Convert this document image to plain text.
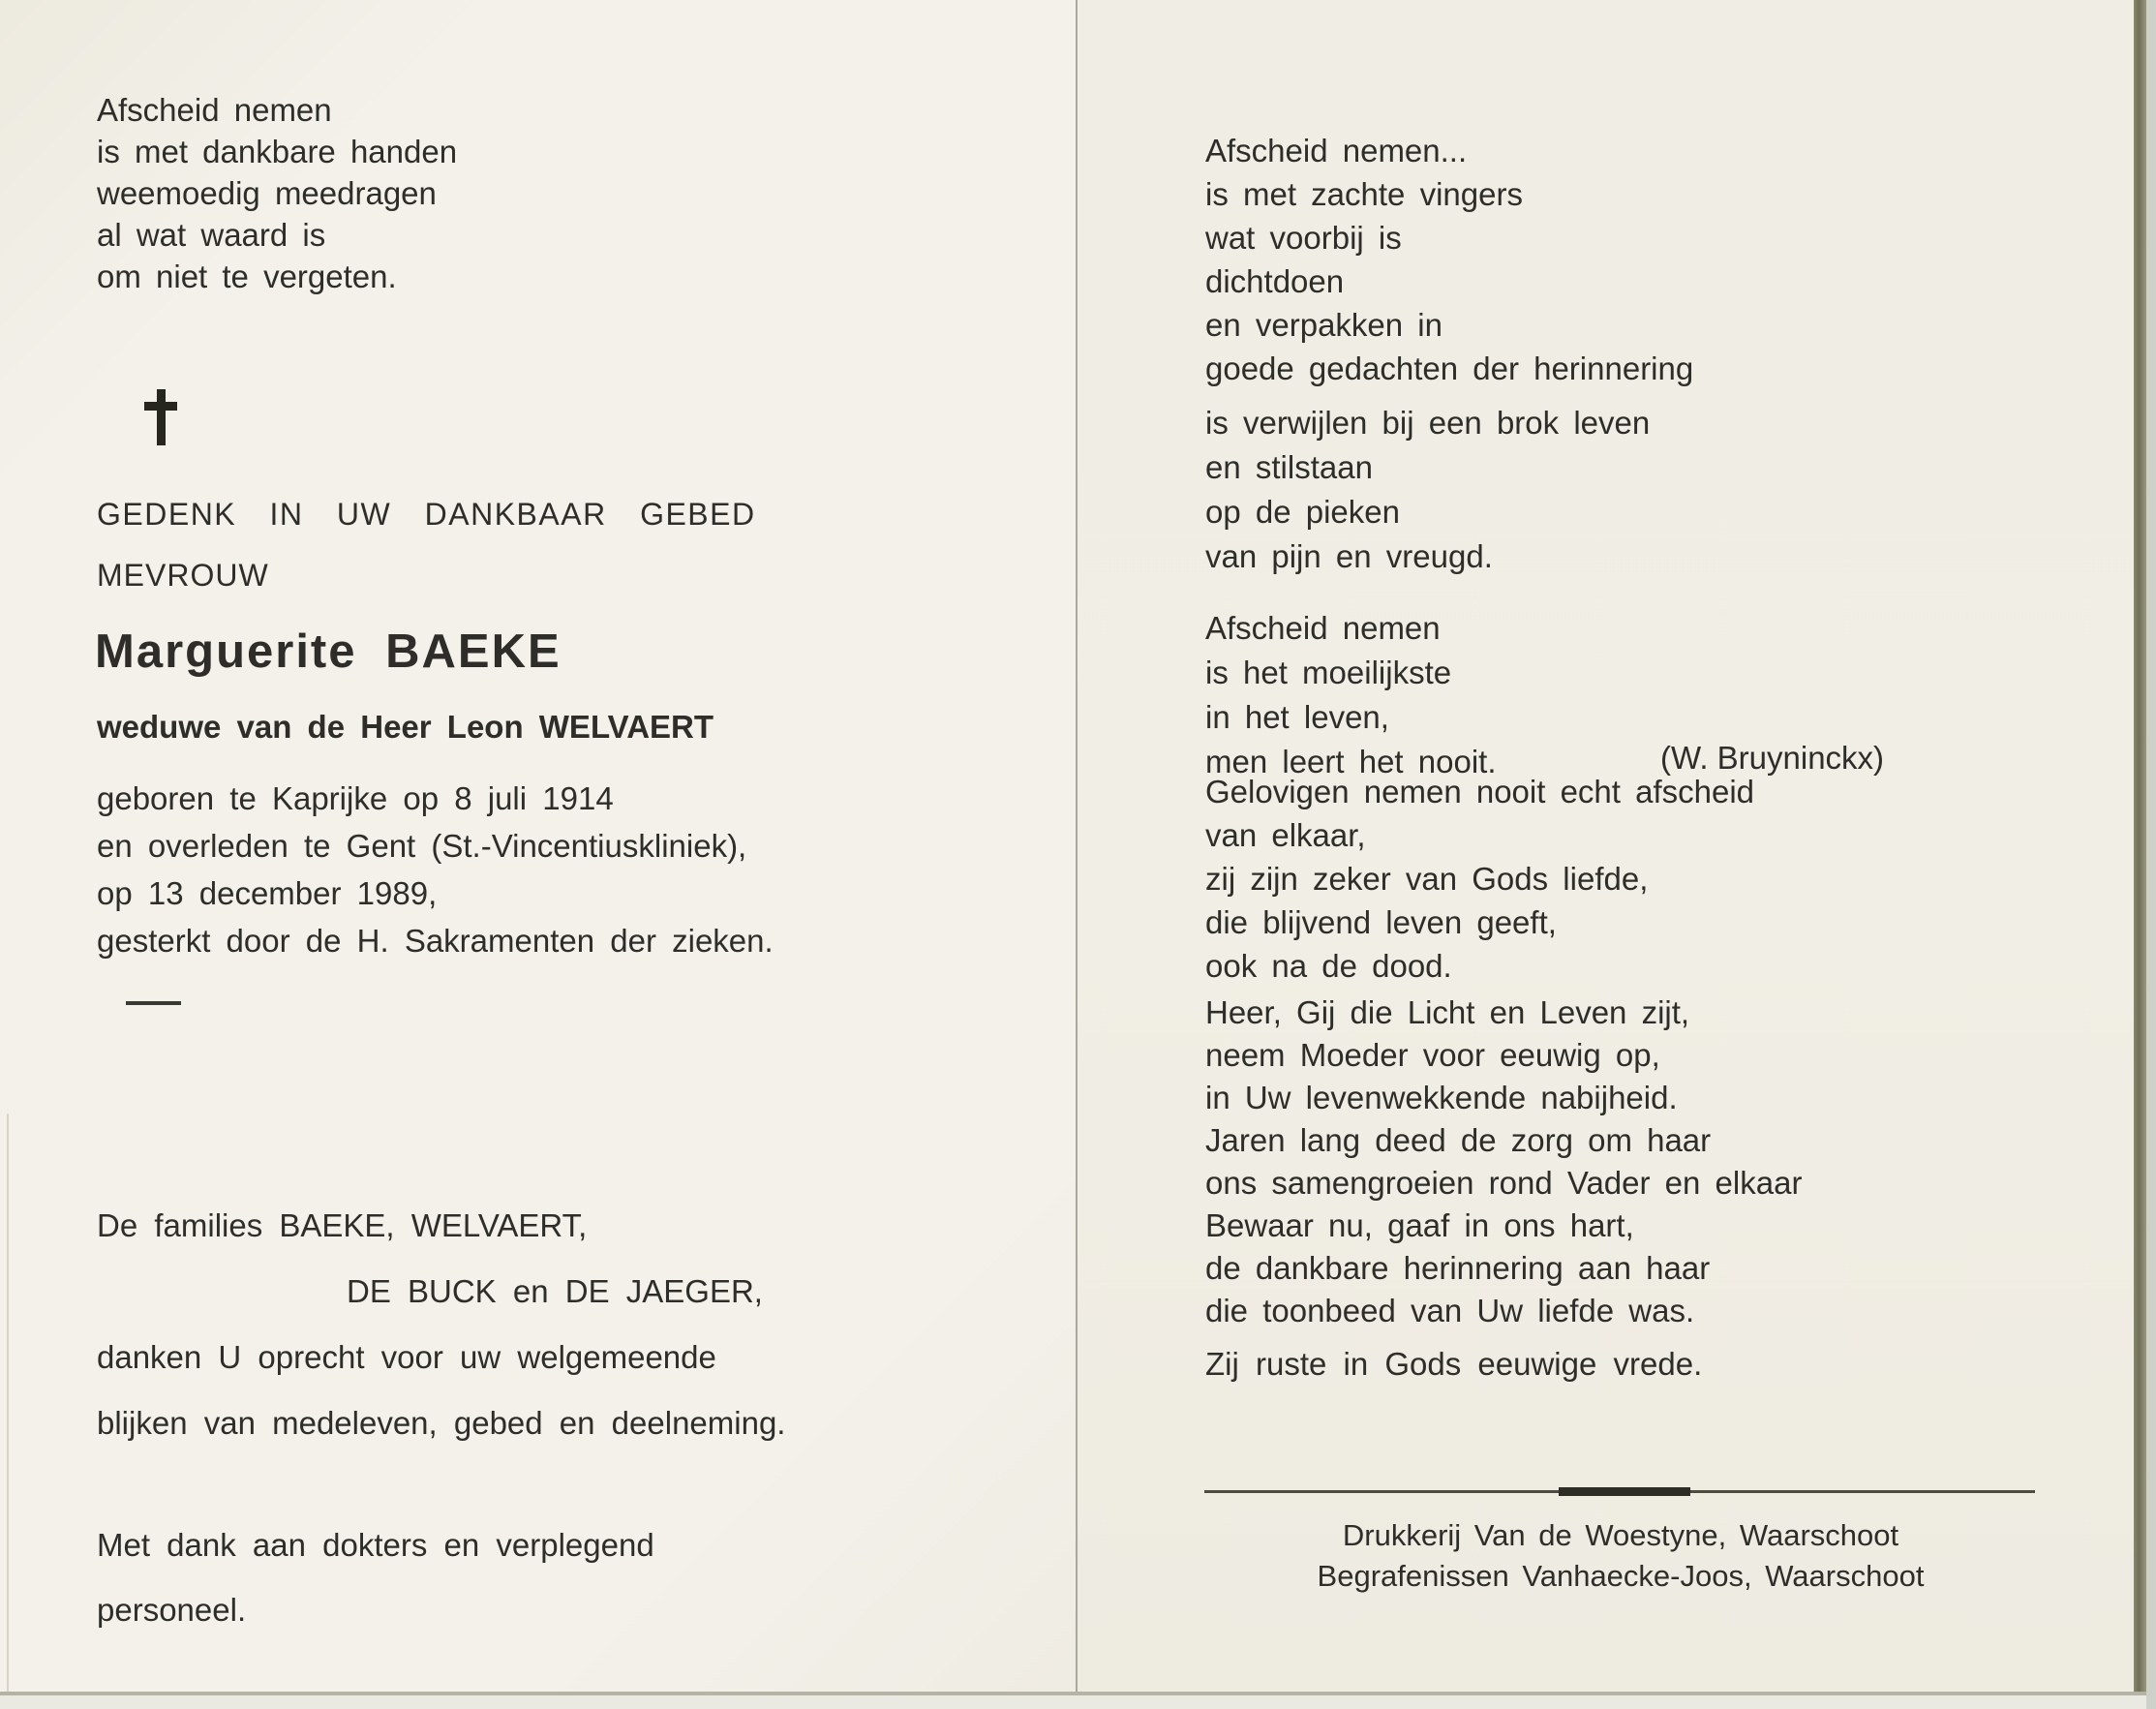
Afscheid nemen
is met dankbare handen
weemoedig meedragen
al wat waard is
om niet te vergeten.
GEDENK IN UW DANKBAAR GEBED
MEVROUW
Marguerite BAEKE
weduwe van de Heer Leon WELVAERT
geboren te Kaprijke op 8 juli 1914
en overleden te Gent (St.-Vincentiuskliniek),
op 13 december 1989,
gesterkt door de H. Sakramenten der zieken.
De families BAEKE, WELVAERT,
DE BUCK en DE JAEGER,
danken U oprecht voor uw welgemeende
blijken van medeleven, gebed en deelneming.
Met dank aan dokters en verplegend
personeel.
Afscheid nemen...
is met zachte vingers
wat voorbij is
dichtdoen
en verpakken in
goede gedachten der herinnering
is verwijlen bij een brok leven
en stilstaan
op de pieken
van pijn en vreugd.
Afscheid nemen
is het moeilijkste
in het leven,
men leert het nooit.	(W. Bruyninckx)
Gelovigen nemen nooit echt afscheid
van elkaar,
zij zijn zeker van Gods liefde,
die blijvend leven geeft,
ook na de dood.
Heer, Gij die Licht en Leven zijt,
neem Moeder voor eeuwig op,
in Uw levenwekkende nabijheid.
Jaren lang deed de zorg om haar
ons samengroeien rond Vader en elkaar
Bewaar nu, gaaf in ons hart,
de dankbare herinnering aan haar
die toonbeed van Uw liefde was.
Zij ruste in Gods eeuwige vrede.
Drukkerij Van de Woestyne, Waarschoot
Begrafenissen Vanhaecke-Joos, Waarschoot
